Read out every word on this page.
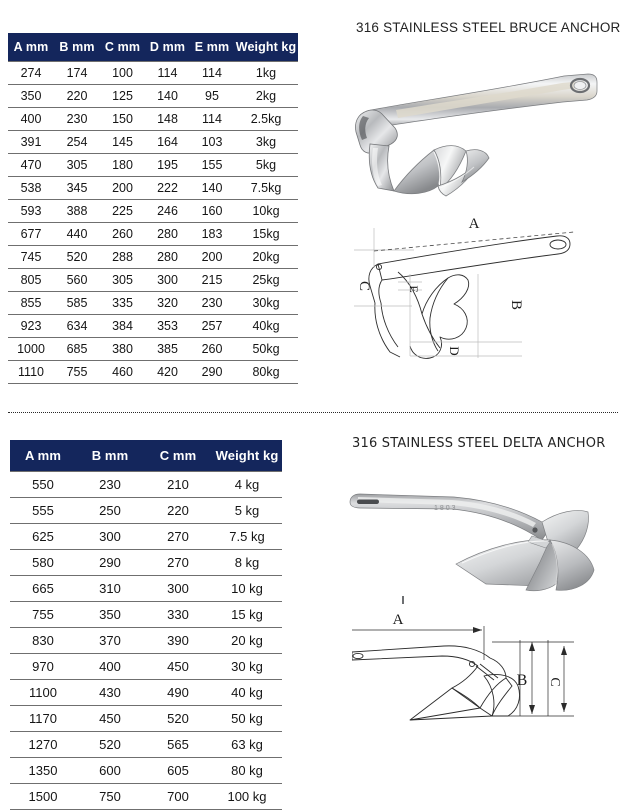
A mm	B mm	C mm	D mm	E mm	Weight kg
274	174	100	114	114	1kg
350	220	125	140	95	2kg
400	230	150	148	114	2.5kg
391	254	145	164	103	3kg
470	305	180	195	155	5kg
538	345	200	222	140	7.5kg
593	388	225	246	160	10kg
677	440	260	280	183	15kg
745	520	288	280	200	20kg
805	560	305	300	215	25kg
855	585	335	320	230	30kg
923	634	384	353	257	40kg
1000	685	380	385	260	50kg
1110	755	460	420	290	80kg
316 STAINLESS STEEL BRUCE ANCHOR
A
B
C
D
E
A mm	B mm	C mm	Weight kg
550	230	210	4 kg
555	250	220	5 kg
625	300	270	7.5 kg
580	290	270	8 kg
665	310	300	10 kg
755	350	330	15 kg
830	370	390	20 kg
970	400	450	30 kg
1100	430	490	40 kg
1170	450	520	50 kg
1270	520	565	63 kg
1350	600	605	80 kg
1500	750	700	100 kg
316 STAINLESS STEEL DELTA ANCHOR
1803
A
B C
